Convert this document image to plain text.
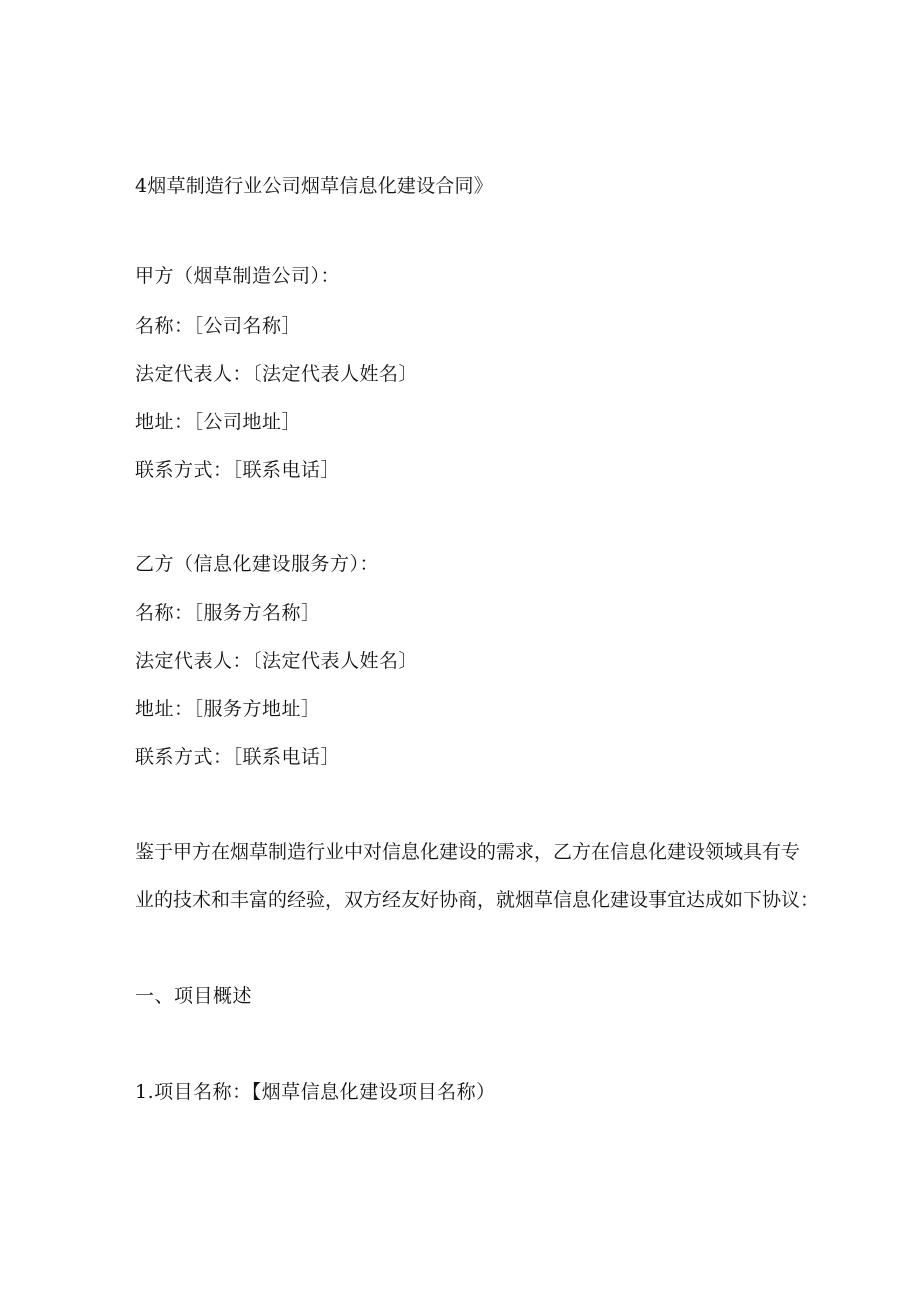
4烟草制造行业公司烟草信息化建设合同》
甲方（烟草制造公司）：
名称：［公司名称］
法定代表人：〔法定代表人姓名〕
地址：［公司地址］
联系方式：［联系电话］
乙方（信息化建设服务方）：
名称：［服务方名称］
法定代表人：〔法定代表人姓名〕
地址：［服务方地址］
联系方式：［联系电话］
鉴于甲方在烟草制造行业中对信息化建设的需求，乙方在信息化建设领域具有专
业的技术和丰富的经验，双方经友好协商，就烟草信息化建设事宜达成如下协议：
一、项目概述
1.项目名称：【烟草信息化建设项目名称）
